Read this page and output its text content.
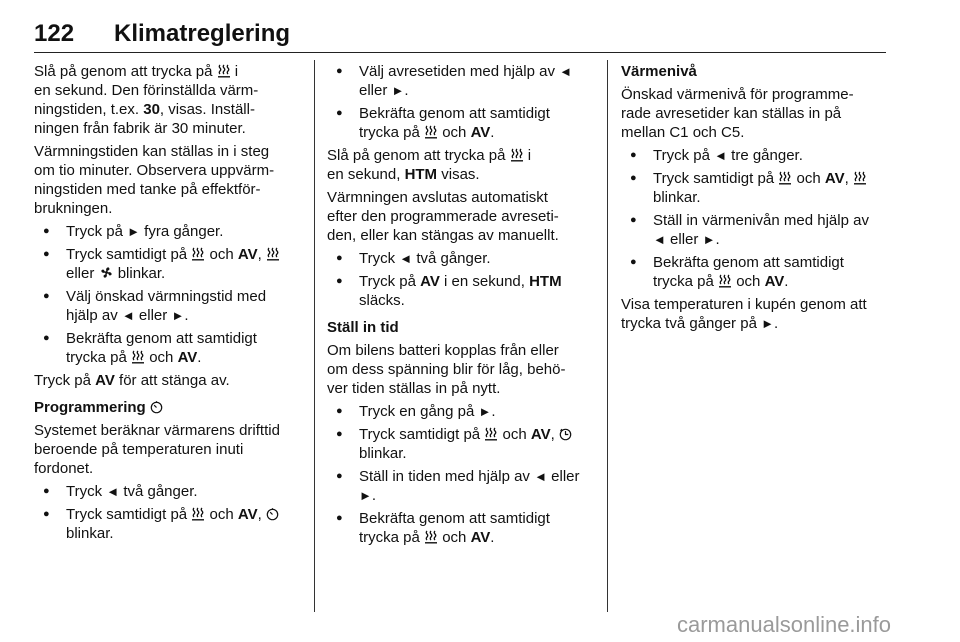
122 Klimatreglering

Slå på genom att trycka på
i
en sekund. Den förinställda värm-
ningstiden, t.ex. 30, visas. Inställ-
ningen från fabrik är 30 minuter.

Värmningstiden kan ställas in i steg
om tio minuter. Observera uppvärm-
ningstiden med tanke på effektför-
brukningen.

● Tryck på ► fyra gånger.
● Tryck samtidigt på
och AV,

eller
blinkar.
● Välj önskad värmningstid med
hjälp av ◄ eller ►.
● Bekräfta genom att samtidigt
trycka på
och AV.

Tryck på AV för att stänga av.

Programmering

Systemet beräknar värmarens drifttid
beroende på temperaturen inuti
fordonet.

● Tryck ◄ två gånger.
● Tryck samtidigt på
och AV,

blinkar.
● Välj avresetiden med hjälp av ◄
eller ►.
● Bekräfta genom att samtidigt
trycka på
och AV.

Slå på genom att trycka på
i
en sekund, HTM visas.

Värmningen avslutas automatiskt
efter den programmerade avreseti-
den, eller kan stängas av manuellt.

● Tryck ◄ två gånger.
● Tryck på AV i en sekund, HTM
släcks.

Ställ in tid

Om bilens batteri kopplas från eller
om dess spänning blir för låg, behö-
ver tiden ställas in på nytt.

● Tryck en gång på ►.
● Tryck samtidigt på
och AV,

blinkar.
● Ställ in tiden med hjälp av ◄ eller
►.
● Bekräfta genom att samtidigt
trycka på
och AV.

Värmenivå

Önskad värmenivå för programme-
rade avresetider kan ställas in på
mellan C1 och C5.

● Tryck på ◄ tre gånger.
● Tryck samtidigt på
och AV,

blinkar.
● Ställ in värmenivån med hjälp av
◄ eller ►.
● Bekräfta genom att samtidigt
trycka på
och AV.

Visa temperaturen i kupén genom att
trycka två gånger på ►.

carmanualsonline.info
